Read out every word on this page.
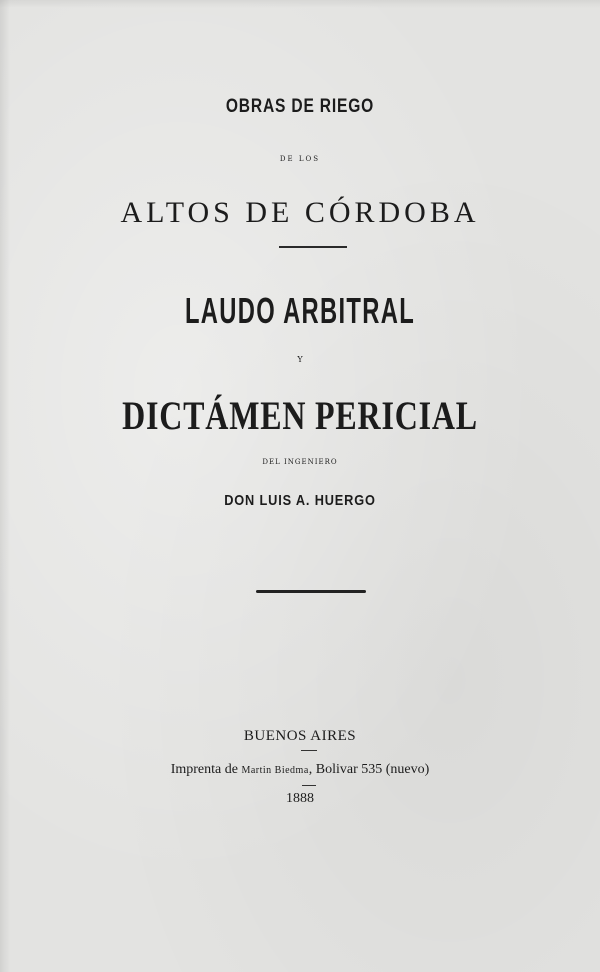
OBRAS DE RIEGO
DE LOS
ALTOS DE CÓRDOBA
LAUDO ARBITRAL
Y
DICTÁMEN PERICIAL
DEL INGENIERO
DON LUIS A. HUERGO
BUENOS AIRES
Imprenta de Martin Biedma, Bolivar 535 (nuevo)
1888
